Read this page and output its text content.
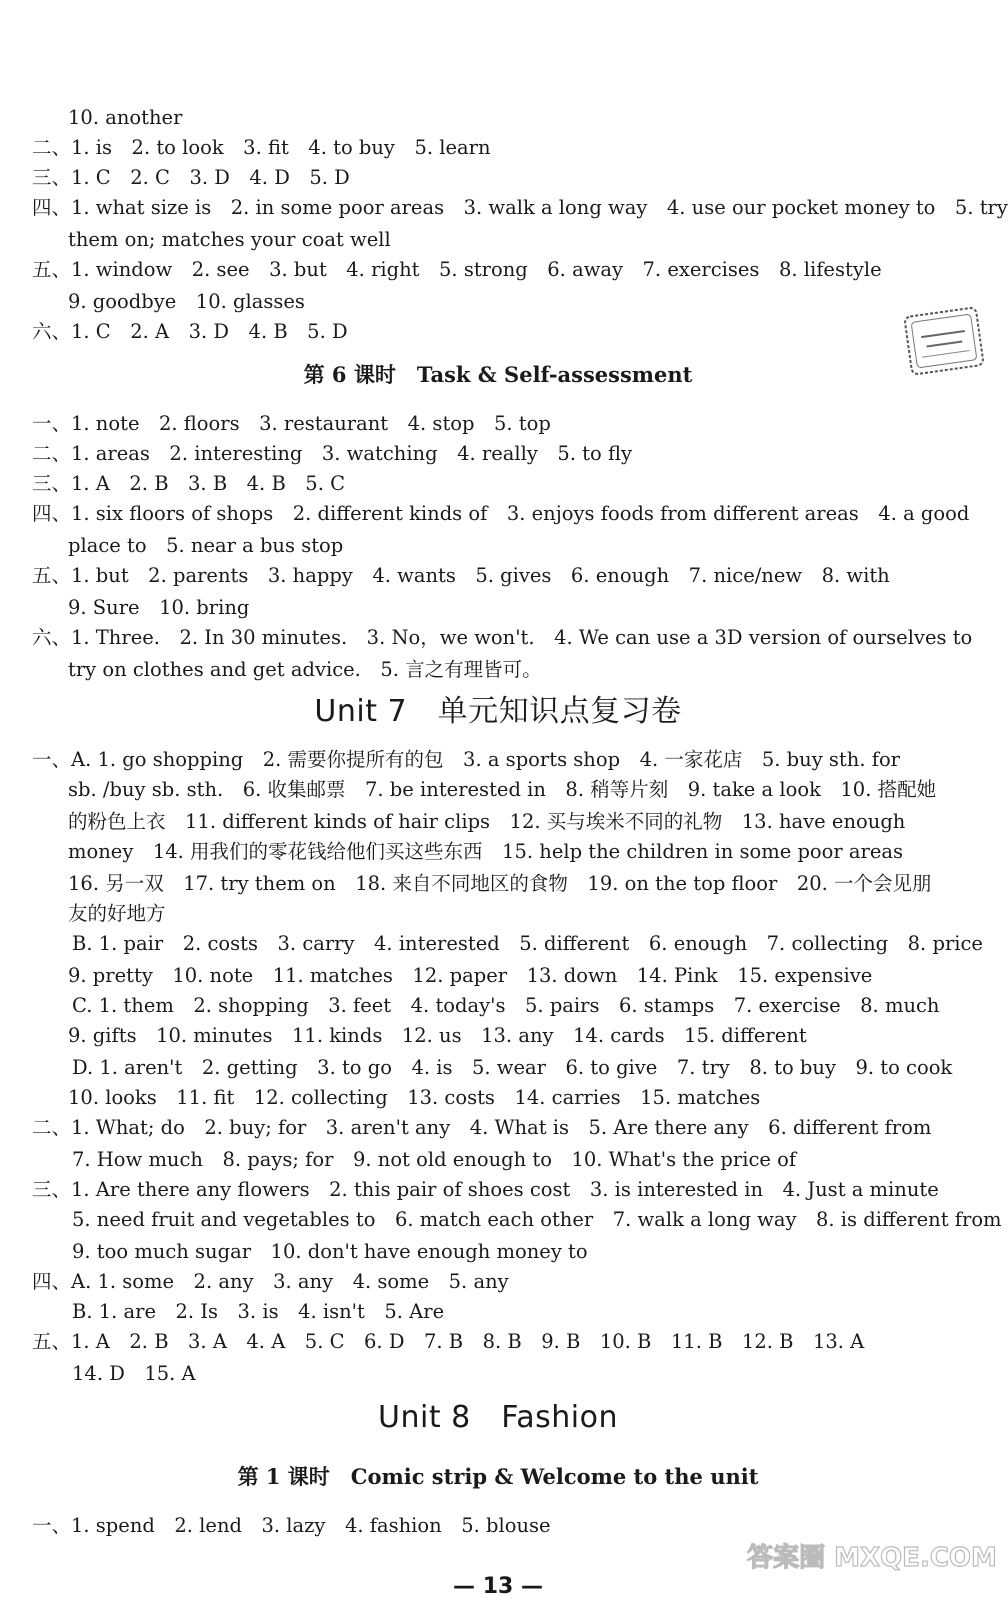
10. another
二、1. is　2. to look　3. fit　4. to buy　5. learn
三、1. C　2. C　3. D　4. D　5. D
四、1. what size is　2. in some poor areas　3. walk a long way　4. use our pocket money to　5. try
them on; matches your coat well
五、1. window　2. see　3. but　4. right　5. strong　6. away　7. exercises　8. lifestyle
9. goodbye　10. glasses
六、1. C　2. A　3. D　4. B　5. D
第 6 课时　Task & Self-assessment
一、1. note　2. floors　3. restaurant　4. stop　5. top
二、1. areas　2. interesting　3. watching　4. really　5. to fly
三、1. A　2. B　3. B　4. B　5. C
四、1. six floors of shops　2. different kinds of　3. enjoys foods from different areas　4. a good
place to　5. near a bus stop
五、1. but　2. parents　3. happy　4. wants　5. gives　6. enough　7. nice/new　8. with
9. Sure　10. bring
六、1. Three.　2. In 30 minutes.　3. No，we won't.　4. We can use a 3D version of ourselves to
try on clothes and get advice.　5. 言之有理皆可。
Unit 7　单元知识点复习卷
一、A. 1. go shopping　2. 需要你提所有的包　3. a sports shop　4. 一家花店　5. buy sth. for
sb. /buy sb. sth.　6. 收集邮票　7. be interested in　8. 稍等片刻　9. take a look　10. 搭配她
的粉色上衣　11. different kinds of hair clips　12. 买与埃米不同的礼物　13. have enough
money　14. 用我们的零花钱给他们买这些东西　15. help the children in some poor areas
16. 另一双　17. try them on　18. 来自不同地区的食物　19. on the top floor　20. 一个会见朋
友的好地方
B. 1. pair　2. costs　3. carry　4. interested　5. different　6. enough　7. collecting　8. price
9. pretty　10. note　11. matches　12. paper　13. down　14. Pink　15. expensive
C. 1. them　2. shopping　3. feet　4. today's　5. pairs　6. stamps　7. exercise　8. much
9. gifts　10. minutes　11. kinds　12. us　13. any　14. cards　15. different
D. 1. aren't　2. getting　3. to go　4. is　5. wear　6. to give　7. try　8. to buy　9. to cook
10. looks　11. fit　12. collecting　13. costs　14. carries　15. matches
二、1. What; do　2. buy; for　3. aren't any　4. What is　5. Are there any　6. different from
7. How much　8. pays; for　9. not old enough to　10. What's the price of
三、1. Are there any flowers　2. this pair of shoes cost　3. is interested in　4. Just a minute
5. need fruit and vegetables to　6. match each other　7. walk a long way　8. is different from
9. too much sugar　10. don't have enough money to
四、A. 1. some　2. any　3. any　4. some　5. any
B. 1. are　2. Is　3. is　4. isn't　5. Are
五、1. A　2. B　3. A　4. A　5. C　6. D　7. B　8. B　9. B　10. B　11. B　12. B　13. A
14. D　15. A
Unit 8　Fashion
第 1 课时　Comic strip & Welcome to the unit
一、1. spend　2. lend　3. lazy　4. fashion　5. blouse
— 13 —
答案圈 MXQE.COM
